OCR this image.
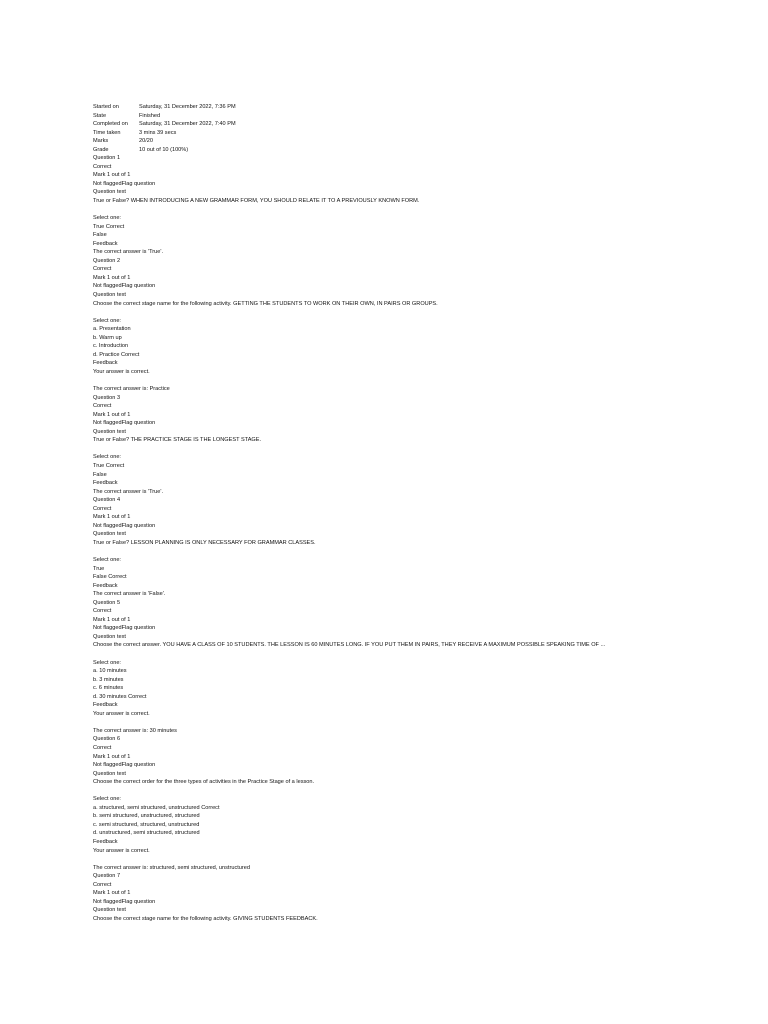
Started on	Saturday, 31 December 2022, 7:36 PM
State	Finished
Completed on	Saturday, 31 December 2022, 7:40 PM
Time taken	3 mins 39 secs
Marks	20/20
Grade	10 out of 10 (100%)
Question 1
Correct
Mark 1 out of 1
Not flaggedFlag question
Question text
True or False? WHEN INTRODUCING A NEW GRAMMAR FORM, YOU SHOULD RELATE IT TO A PREVIOUSLY KNOWN FORM.
Select one:
True Correct
False
Feedback
The correct answer is 'True'.
Question 2
Correct
Mark 1 out of 1
Not flaggedFlag question
Question text
Choose the correct stage name for the following activity. GETTING THE STUDENTS TO WORK ON THEIR OWN, IN PAIRS OR GROUPS.
Select one:
a. Presentation
b. Warm up
c. Introduction
d. Practice Correct
Feedback
Your answer is correct.
The correct answer is: Practice
Question 3
Correct
Mark 1 out of 1
Not flaggedFlag question
Question text
True or False? THE PRACTICE STAGE IS THE LONGEST STAGE.
Select one:
True Correct
False
Feedback
The correct answer is 'True'.
Question 4
Correct
Mark 1 out of 1
Not flaggedFlag question
Question text
True or False? LESSON PLANNING IS ONLY NECESSARY FOR GRAMMAR CLASSES.
Select one:
True
False Correct
Feedback
The correct answer is 'False'.
Question 5
Correct
Mark 1 out of 1
Not flaggedFlag question
Question text
Choose the correct answer. YOU HAVE A CLASS OF 10 STUDENTS. THE LESSON IS 60 MINUTES LONG. IF YOU PUT THEM IN PAIRS, THEY RECEIVE A MAXIMUM POSSIBLE SPEAKING TIME OF ...
Select one:
a. 10 minutes
b. 3 minutes
c. 6 minutes
d. 30 minutes Correct
Feedback
Your answer is correct.
The correct answer is: 30 minutes
Question 6
Correct
Mark 1 out of 1
Not flaggedFlag question
Question text
Choose the correct order for the three types of activities in the Practice Stage of a lesson.
Select one:
a. structured, semi structured, unstructured Correct
b. semi structured, unstructured, structured
c. semi structured, structured, unstructured
d. unstructured, semi structured, structured
Feedback
Your answer is correct.
The correct answer is: structured, semi structured, unstructured
Question 7
Correct
Mark 1 out of 1
Not flaggedFlag question
Question text
Choose the correct stage name for the following activity. GIVING STUDENTS FEEDBACK.
